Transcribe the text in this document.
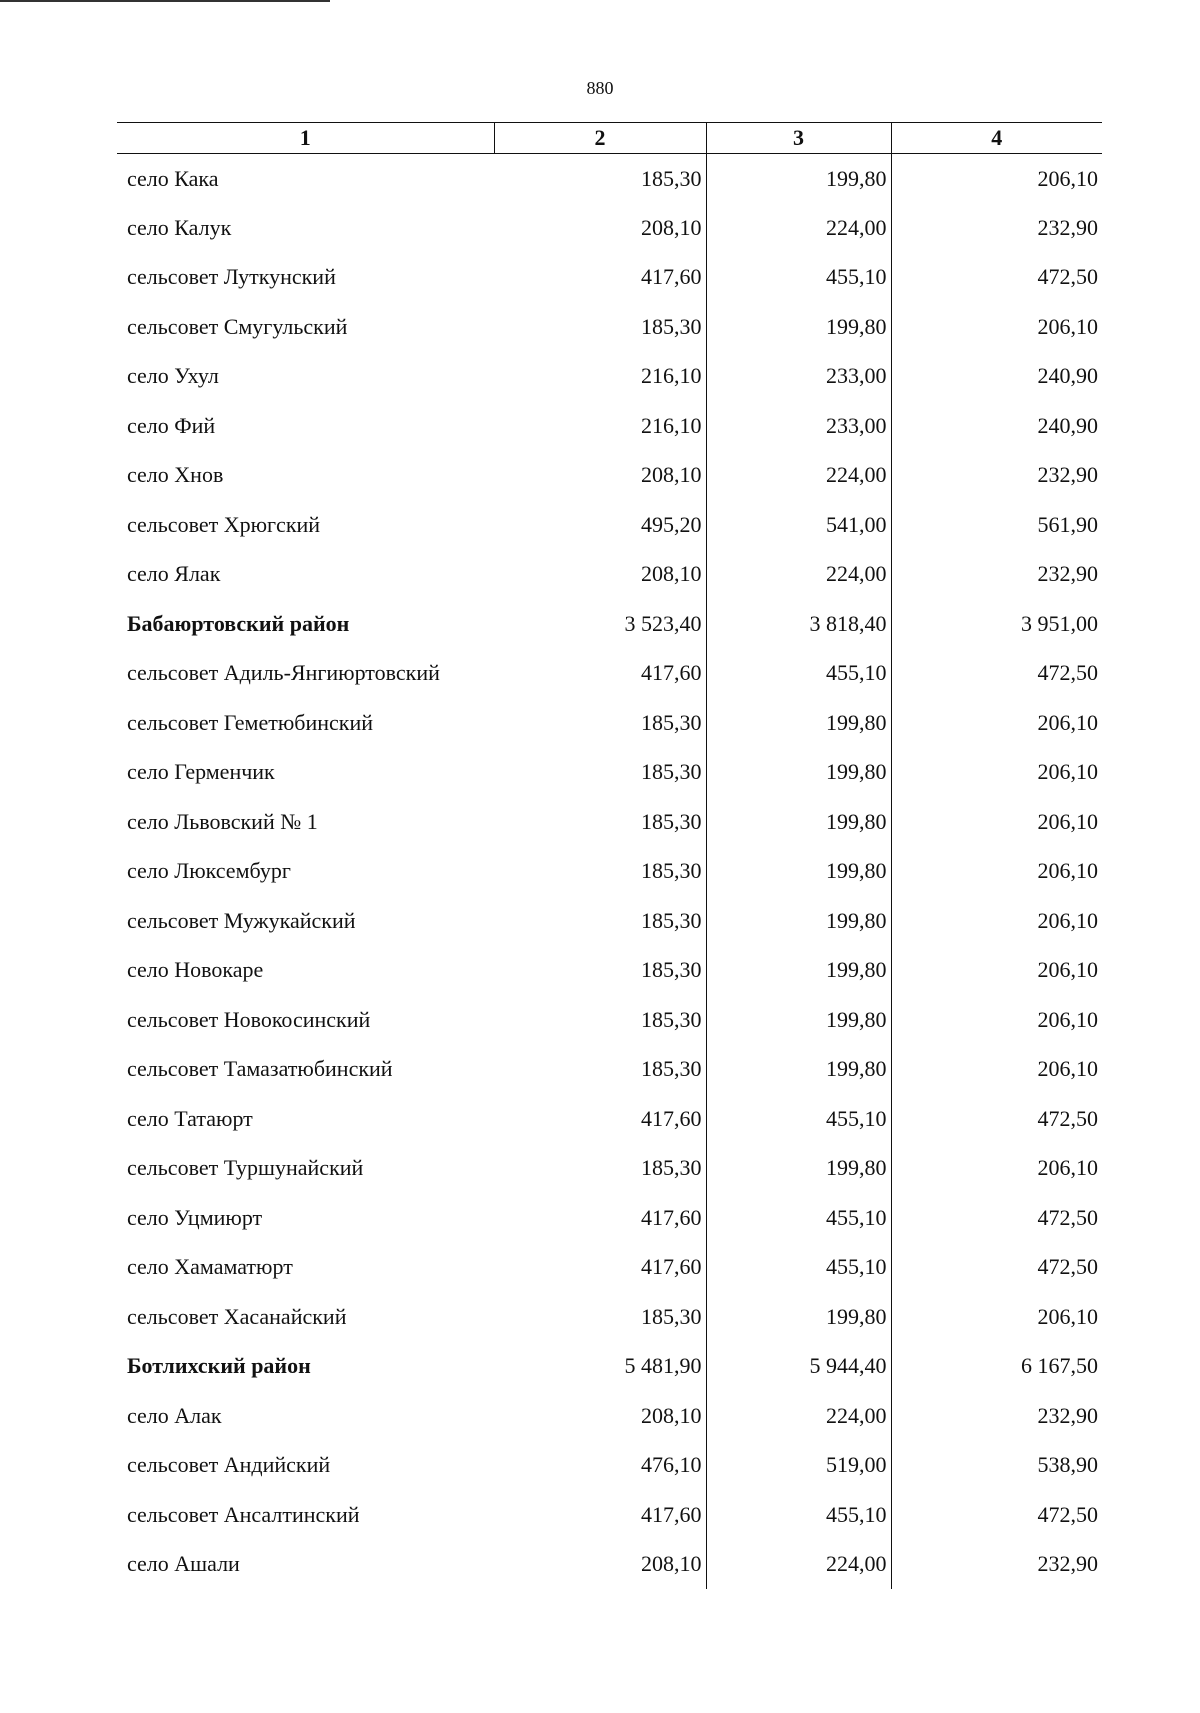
880
1	2	3	4
село Кака	185,30	199,80	206,10
село Калук	208,10	224,00	232,90
сельсовет Луткунский	417,60	455,10	472,50
сельсовет Смугульский	185,30	199,80	206,10
село Ухул	216,10	233,00	240,90
село Фий	216,10	233,00	240,90
село Хнов	208,10	224,00	232,90
сельсовет Хрюгский	495,20	541,00	561,90
село Ялак	208,10	224,00	232,90
Бабаюртовский район	3 523,40	3 818,40	3 951,00
сельсовет Адиль-Янгиюртовский	417,60	455,10	472,50
сельсовет Геметюбинский	185,30	199,80	206,10
село Герменчик	185,30	199,80	206,10
село Львовский № 1	185,30	199,80	206,10
село Люксембург	185,30	199,80	206,10
сельсовет Мужукайский	185,30	199,80	206,10
село Новокаре	185,30	199,80	206,10
сельсовет Новокосинский	185,30	199,80	206,10
сельсовет Тамазатюбинский	185,30	199,80	206,10
село Татаюрт	417,60	455,10	472,50
сельсовет Туршунайский	185,30	199,80	206,10
село Уцмиюрт	417,60	455,10	472,50
село Хамаматюрт	417,60	455,10	472,50
сельсовет Хасанайский	185,30	199,80	206,10
Ботлихский район	5 481,90	5 944,40	6 167,50
село Алак	208,10	224,00	232,90
сельсовет Андийский	476,10	519,00	538,90
сельсовет Ансалтинский	417,60	455,10	472,50
село Ашали	208,10	224,00	232,90
